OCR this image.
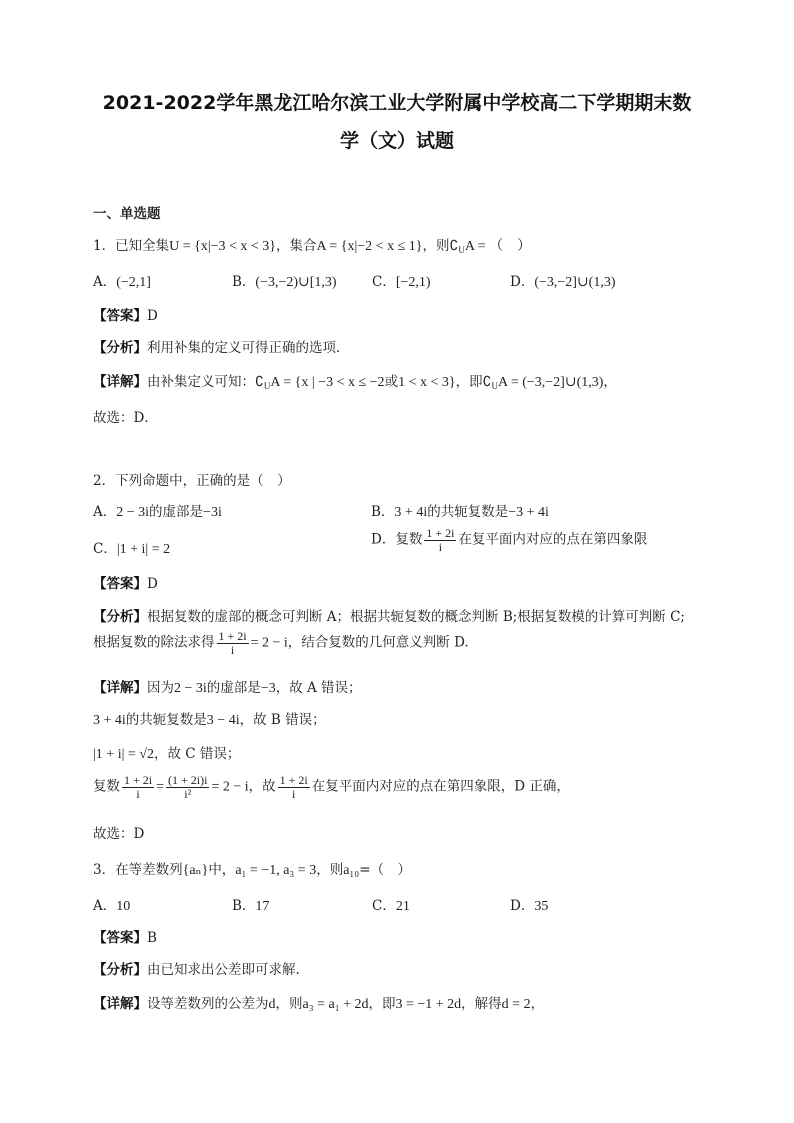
2021-2022学年黑龙江哈尔滨工业大学附属中学校高二下学期期末数
学（文）试题
一、单选题
1．已知全集U = {x|−3 < x < 3}，集合A = {x|−2 < x ≤ 1}，则$∁_UA$ = （　）
A．(−2,1]	B．(−3,−2)∪[1,3)	C．[−2,1)	D．(−3,−2]∪(1,3)
【答案】D
【分析】利用补集的定义可得正确的选项．
【详解】由补集定义可知：$∁_UA = \{x$ | −3 < x ≤ −2或1 < x < 3}，即$∁_UA$ = (−3,−2]∪(1,3)，
故选：D．
2．下列命题中，正确的是（　）
A．2 − 3i的虚部是−3i	B．3 + 4i的共轭复数是−3 + 4i
C．|1 + i| = 2
D．复数 $\frac{1 + 2i}{i}$ 在复平面内对应的点在第四象限
【答案】D
【分析】根据复数的虚部的概念可判断 A；根据共轭复数的概念判断 B;根据复数模的计算可判断 C;
根据复数的除法求得 $\frac{1 + 2i}{i} = 2 - i$，结合复数的几何意义判断 D.
【详解】因为2 − 3i的虚部是−3，故 A 错误；
3 + 4i的共轭复数是3 − 4i，故 B 错误；
|1 + i| = √2，故 C 错误；
复数 $\frac{1 + 2i}{i} = \frac{(1 + 2i)i}{\text{i²}} = 2 - i$，故 $\frac{1 + 2i}{i}$ 在复平面内对应的点在第四象限，D 正确，
故选：D
3．在等差数列{aₙ}中，a₁ = −1, a₃ = 3，则a₁₀=（　）
A．10	B．17	C．21	D．35
【答案】B
【分析】由已知求出公差即可求解.
【详解】设等差数列的公差为d，则a₃ = a₁ + 2d，即3 = −1 + 2d，解得d = 2，
